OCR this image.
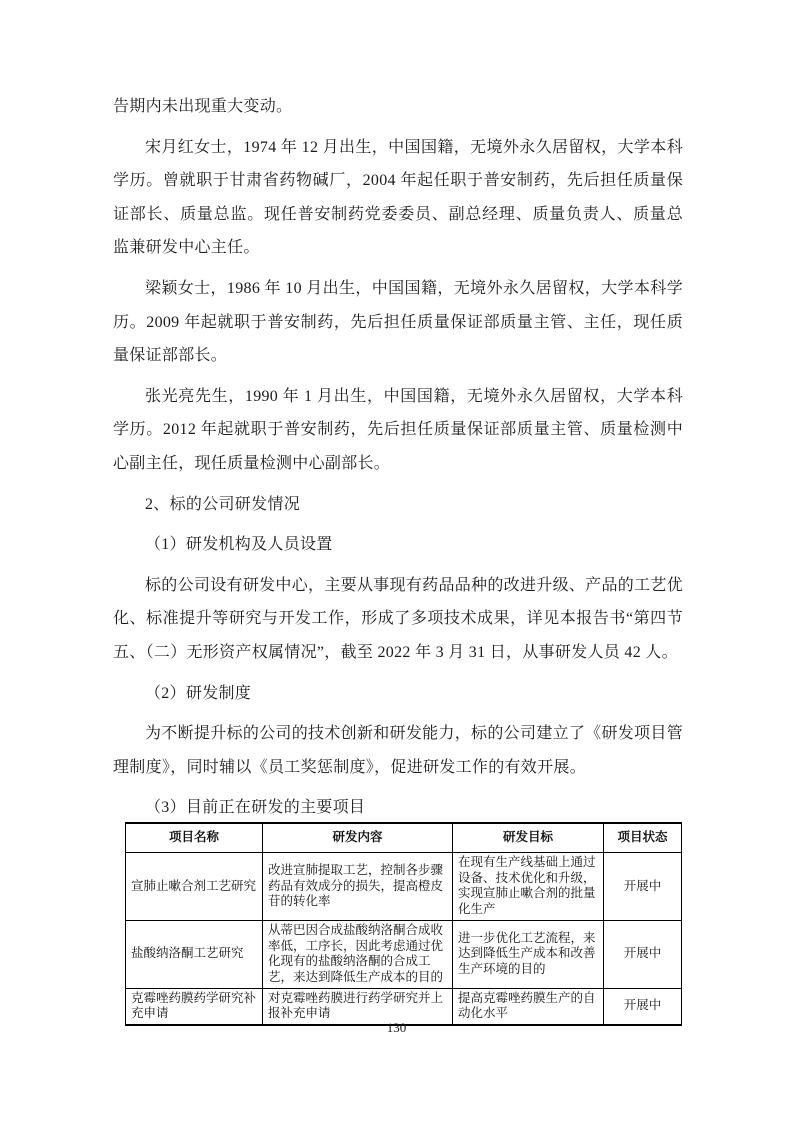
告期内未出现重大变动。

宋月红女士，1974 年 12 月出生，中国国籍，无境外永久居留权，大学本科学历。曾就职于甘肃省药物碱厂，2004 年起任职于普安制药，先后担任质量保证部长、质量总监。现任普安制药党委委员、副总经理、质量负责人、质量总监兼研发中心主任。

梁颖女士，1986 年 10 月出生，中国国籍，无境外永久居留权，大学本科学历。2009 年起就职于普安制药，先后担任质量保证部质量主管、主任，现任质量保证部部长。

张光亮先生，1990 年 1 月出生，中国国籍，无境外永久居留权，大学本科学历。2012 年起就职于普安制药，先后担任质量保证部质量主管、质量检测中心副主任，现任质量检测中心副部长。

2、标的公司研发情况

（1）研发机构及人员设置

标的公司设有研发中心，主要从事现有药品品种的改进升级、产品的工艺优化、标准提升等研究与开发工作，形成了多项技术成果，详见本报告书“第四节五、（二）无形资产权属情况”，截至 2022 年 3 月 31 日，从事研发人员 42 人。

（2）研发制度

为不断提升标的公司的技术创新和研发能力，标的公司建立了《研发项目管理制度》，同时辅以《员工奖惩制度》，促进研发工作的有效开展。

（3）目前正在研发的主要项目

项目名称	研发内容	研发目标	项目状态
宣肺止嗽合剂工艺研究	改进宣肺提取工艺，控制各步骤药品有效成分的损失，提高橙皮苷的转化率	在现有生产线基础上通过设备、技术优化和升级，实现宣肺止嗽合剂的批量化生产	开展中
盐酸纳洛酮工艺研究	从蒂巴因合成盐酸纳洛酮合成收率低，工序长，因此考虑通过优化现有的盐酸纳洛酮的合成工艺，来达到降低生产成本的目的	进一步优化工艺流程，来达到降低生产成本和改善生产环境的目的	开展中
克霉唑药膜药学研究补充申请	对克霉唑药膜进行药学研究并上报补充申请	提高克霉唑药膜生产的自动化水平	开展中
130
